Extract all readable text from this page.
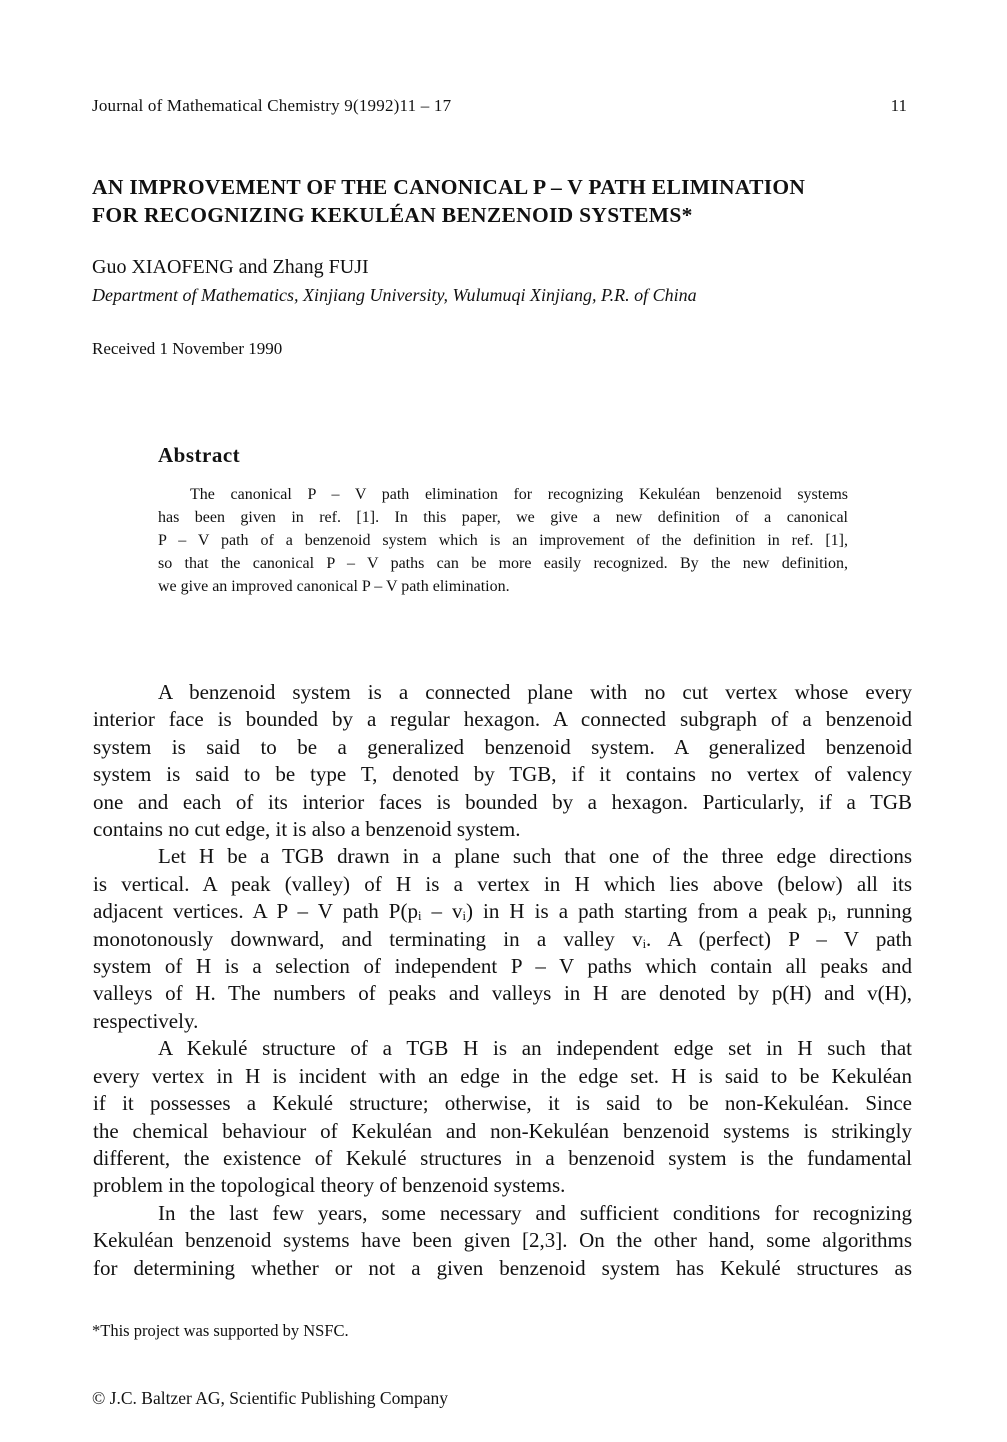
Journal of Mathematical Chemistry 9(1992)11 – 17	11
AN IMPROVEMENT OF THE CANONICAL P – V PATH ELIMINATION
FOR RECOGNIZING KEKULÉAN BENZENOID SYSTEMS*
Guo XIAOFENG and Zhang FUJI
Department of Mathematics, Xinjiang University, Wulumuqi Xinjiang, P.R. of China
Received 1 November 1990
Abstract
The canonical P – V path elimination for recognizing Kekuléan benzenoid systems
has been given in ref. [1]. In this paper, we give a new definition of a canonical
P – V path of a benzenoid system which is an improvement of the definition in ref. [1],
so that the canonical P – V paths can be more easily recognized. By the new definition,
we give an improved canonical P – V path elimination.
A benzenoid system is a connected plane with no cut vertex whose every
interior face is bounded by a regular hexagon. A connected subgraph of a benzenoid
system is said to be a generalized benzenoid system. A generalized benzenoid
system is said to be type T, denoted by TGB, if it contains no vertex of valency
one and each of its interior faces is bounded by a hexagon. Particularly, if a TGB
contains no cut edge, it is also a benzenoid system.
Let H be a TGB drawn in a plane such that one of the three edge directions
is vertical. A peak (valley) of H is a vertex in H which lies above (below) all its
adjacent vertices. A P – V path P(pᵢ – vᵢ) in H is a path starting from a peak pᵢ, running
monotonously downward, and terminating in a valley vᵢ. A (perfect) P – V path
system of H is a selection of independent P – V paths which contain all peaks and
valleys of H. The numbers of peaks and valleys in H are denoted by p(H) and v(H),
respectively.
A Kekulé structure of a TGB H is an independent edge set in H such that
every vertex in H is incident with an edge in the edge set. H is said to be Kekuléan
if it possesses a Kekulé structure; otherwise, it is said to be non-Kekuléan. Since
the chemical behaviour of Kekuléan and non-Kekuléan benzenoid systems is strikingly
different, the existence of Kekulé structures in a benzenoid system is the fundamental
problem in the topological theory of benzenoid systems.
In the last few years, some necessary and sufficient conditions for recognizing
Kekuléan benzenoid systems have been given [2,3]. On the other hand, some algorithms
for determining whether or not a given benzenoid system has Kekulé structures as
*This project was supported by NSFC.
© J.C. Baltzer AG, Scientific Publishing Company
